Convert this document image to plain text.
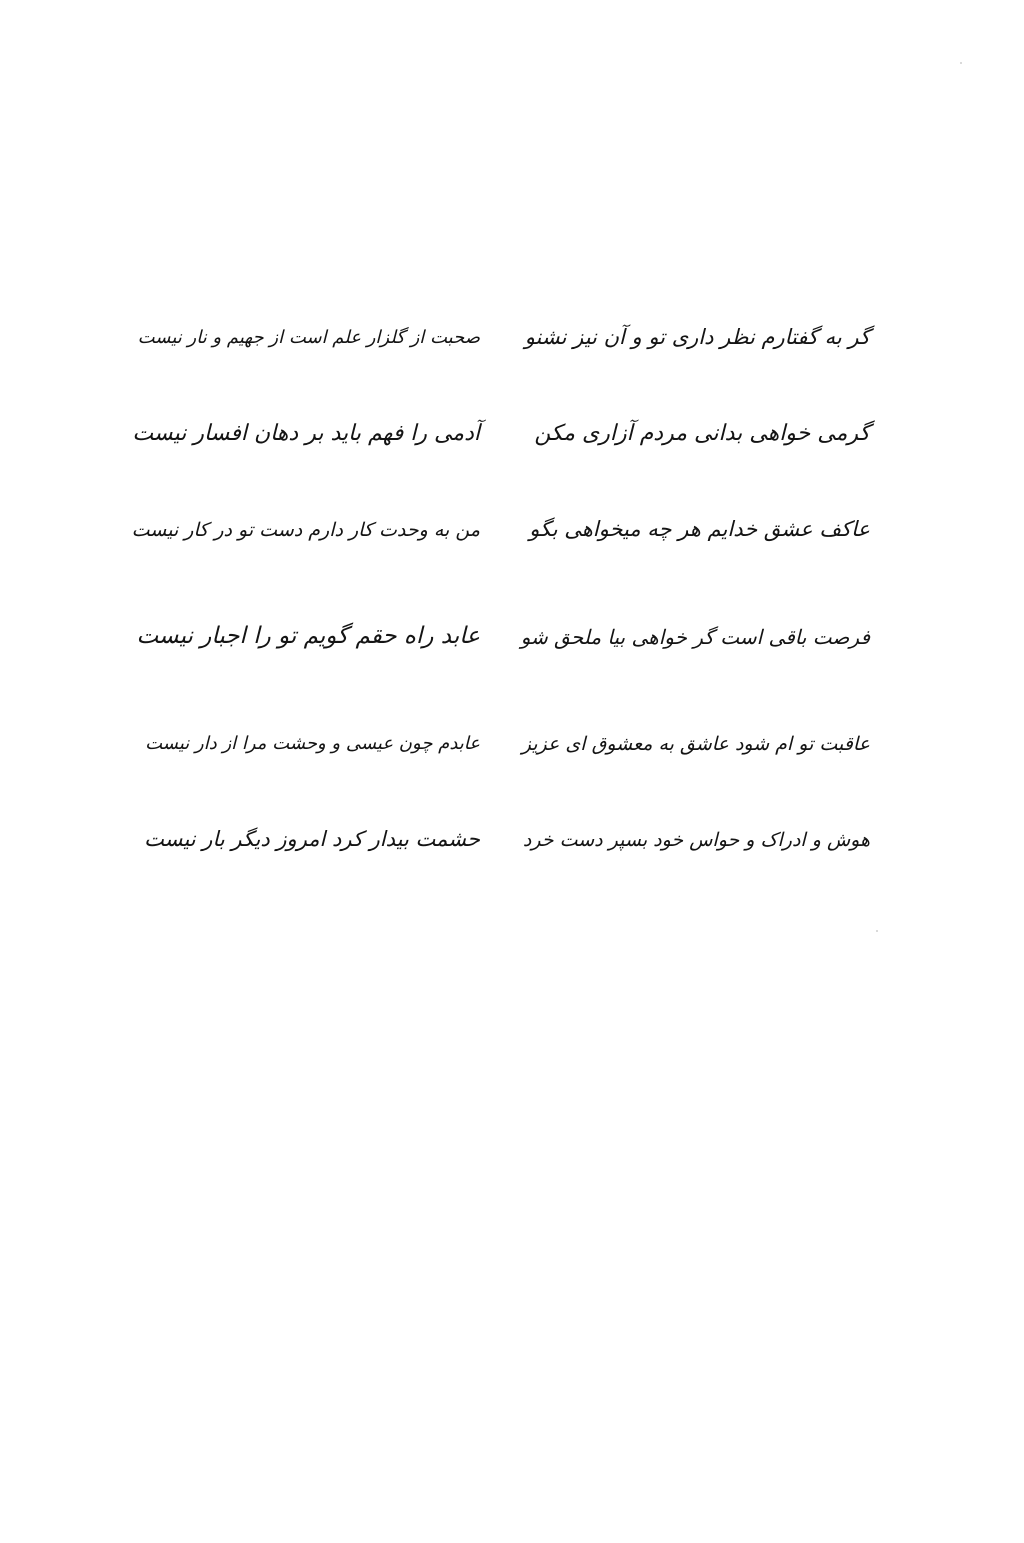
گر به گفتارم نظر داری تو و آن نیز نشنو
صحبت از گلزار علم است از جهیم و نار نیست
گرمی خواهی بدانی مردم آزاری مکن
آدمی را فهم باید بر دهان افسار نیست
عاکف عشق خدایم هر چه میخواهی بگو
من به وحدت کار دارم دست تو در کار نیست
فرصت باقی است گر خواهی بیا ملحق شو
عابد راه حقم گویم تو را اجبار نیست
عاقبت تو ام شود عاشق به معشوق ای عزیز
عابدم چون عیسی و وحشت مرا از دار نیست
هوش و ادراک و حواس خود بسپر دست خرد
حشمت بیدار کرد امروز دیگر بار نیست
